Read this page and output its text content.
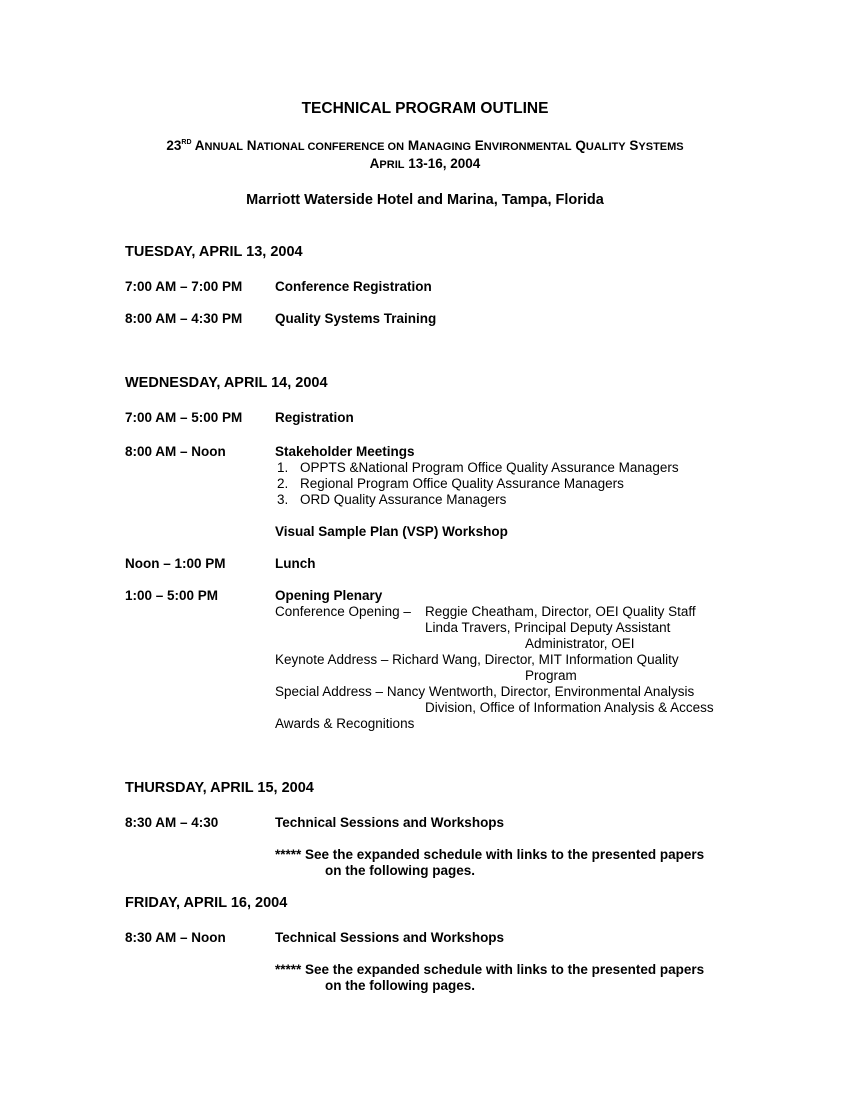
TECHNICAL PROGRAM OUTLINE
23RD ANNUAL NATIONAL CONFERENCE ON MANAGING ENVIRONMENTAL QUALITY SYSTEMS
APRIL 13-16, 2004
Marriott Waterside Hotel and Marina, Tampa, Florida
TUESDAY, APRIL 13, 2004
7:00 AM – 7:00 PM Conference Registration
8:00 AM – 4:30 PM Quality Systems Training
WEDNESDAY, APRIL 14, 2004
7:00 AM – 5:00 PM Registration
8:00 AM – Noon	Stakeholder Meetings
1. OPPTS &National Program Office Quality Assurance Managers
2. Regional Program Office Quality Assurance Managers
3. ORD Quality Assurance Managers
Visual Sample Plan (VSP) Workshop
Noon – 1:00 PM	Lunch
1:00 – 5:00 PM	Opening Plenary
Conference Opening – Reggie Cheatham, Director, OEI Quality Staff
Linda Travers, Principal Deputy Assistant
Administrator, OEI
Keynote Address – Richard Wang, Director, MIT Information Quality
Program
Special Address – Nancy Wentworth, Director, Environmental Analysis
Division, Office of Information Analysis & Access
Awards & Recognitions
THURSDAY, APRIL 15, 2004
8:30 AM – 4:30	Technical Sessions and Workshops
***** See the expanded schedule with links to the presented papers
on the following pages.
FRIDAY, APRIL 16, 2004
8:30 AM – Noon	Technical Sessions and Workshops
***** See the expanded schedule with links to the presented papers
on the following pages.
